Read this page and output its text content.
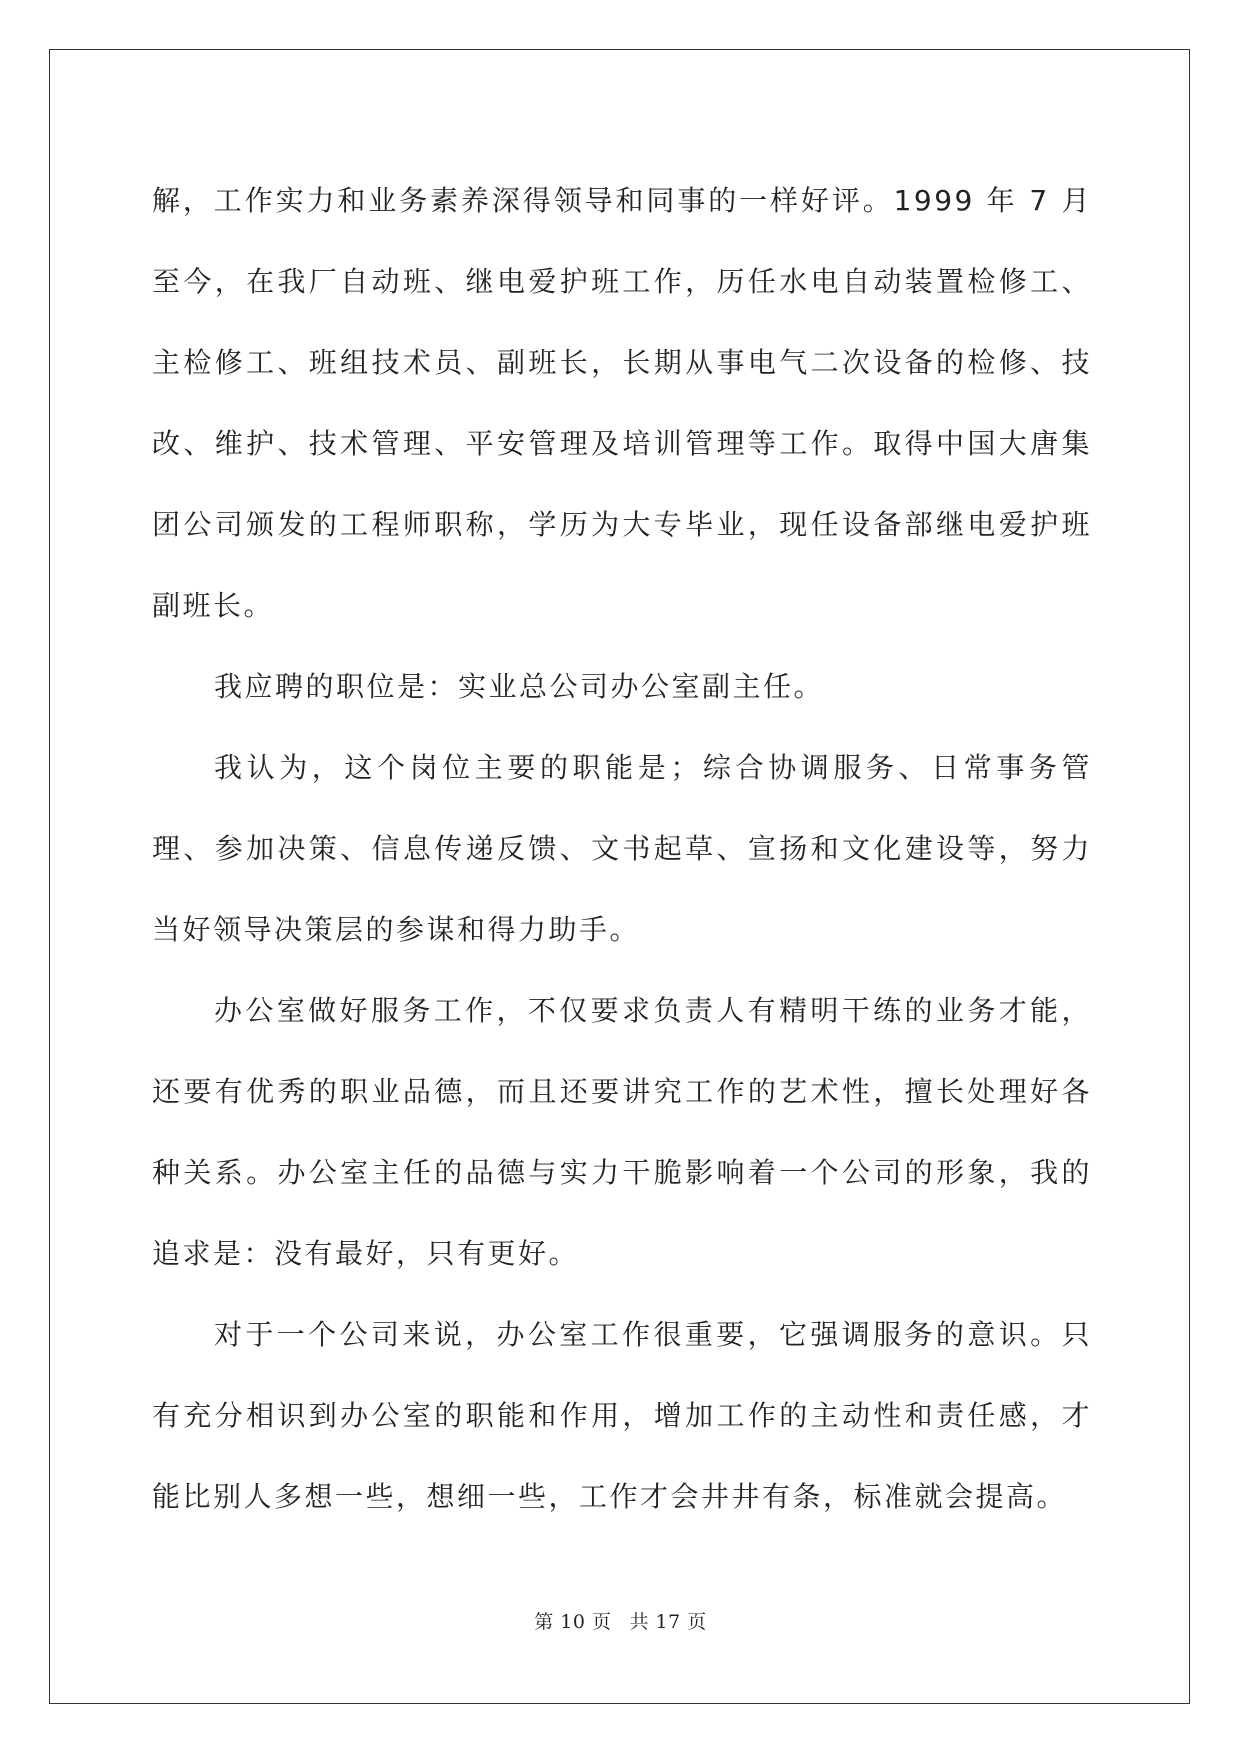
解，工作实力和业务素养深得领导和同事的一样好评。1999 年 7 月至今，在我厂自动班、继电爱护班工作，历任水电自动装置检修工、主检修工、班组技术员、副班长，长期从事电气二次设备的检修、技改、维护、技术管理、平安管理及培训管理等工作。取得中国大唐集团公司颁发的工程师职称，学历为大专毕业，现任设备部继电爱护班副班长。

我应聘的职位是：实业总公司办公室副主任。

我认为，这个岗位主要的职能是；综合协调服务、日常事务管理、参加决策、信息传递反馈、文书起草、宣扬和文化建设等，努力当好领导决策层的参谋和得力助手。

办公室做好服务工作，不仅要求负责人有精明干练的业务才能，还要有优秀的职业品德，而且还要讲究工作的艺术性，擅长处理好各种关系。办公室主任的品德与实力干脆影响着一个公司的形象，我的追求是：没有最好，只有更好。

对于一个公司来说，办公室工作很重要，它强调服务的意识。只有充分相识到办公室的职能和作用，增加工作的主动性和责任感，才能比别人多想一些，想细一些，工作才会井井有条，标准就会提高。

第 10 页 共 17 页
